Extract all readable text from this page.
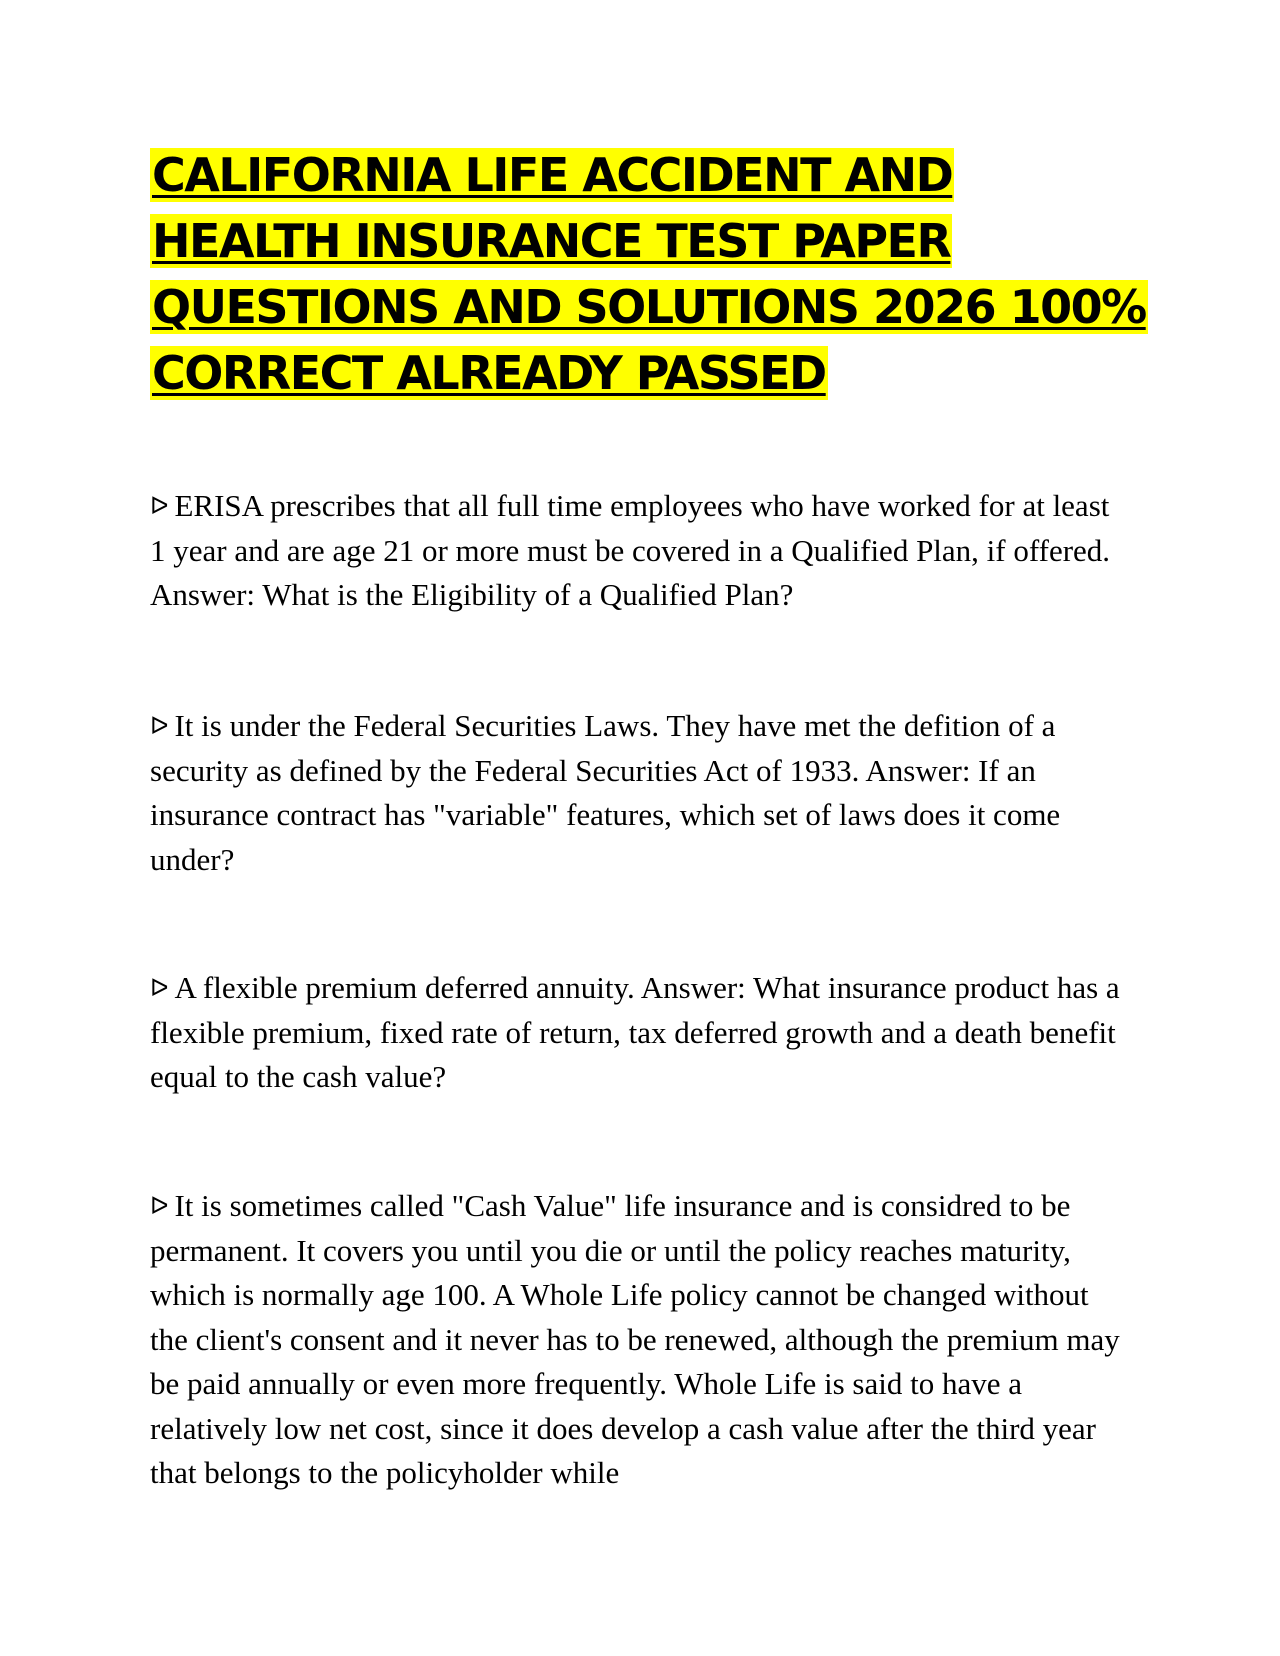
CALIFORNIA LIFE ACCIDENT AND
HEALTH INSURANCE TEST PAPER
QUESTIONS AND SOLUTIONS 2026 100%
CORRECT ALREADY PASSED
ᐅ ERISA prescribes that all full time employees who have worked for at least 1 year and are age 21 or more must be covered in a Qualified Plan, if offered. Answer: What is the Eligibility of a Qualified Plan?
ᐅ It is under the Federal Securities Laws. They have met the defition of a security as defined by the Federal Securities Act of 1933. Answer: If an insurance contract has "variable" features, which set of laws does it come under?
ᐅ A flexible premium deferred annuity. Answer: What insurance product has a flexible premium, fixed rate of return, tax deferred growth and a death benefit equal to the cash value?
ᐅ It is sometimes called "Cash Value" life insurance and is considred to be permanent. It covers you until you die or until the policy reaches maturity, which is normally age 100. A Whole Life policy cannot be changed without the client's consent and it never has to be renewed, although the premium may be paid annually or even more frequently. Whole Life is said to have a relatively low net cost, since it does develop a cash value after the third year that belongs to the policyholder while
